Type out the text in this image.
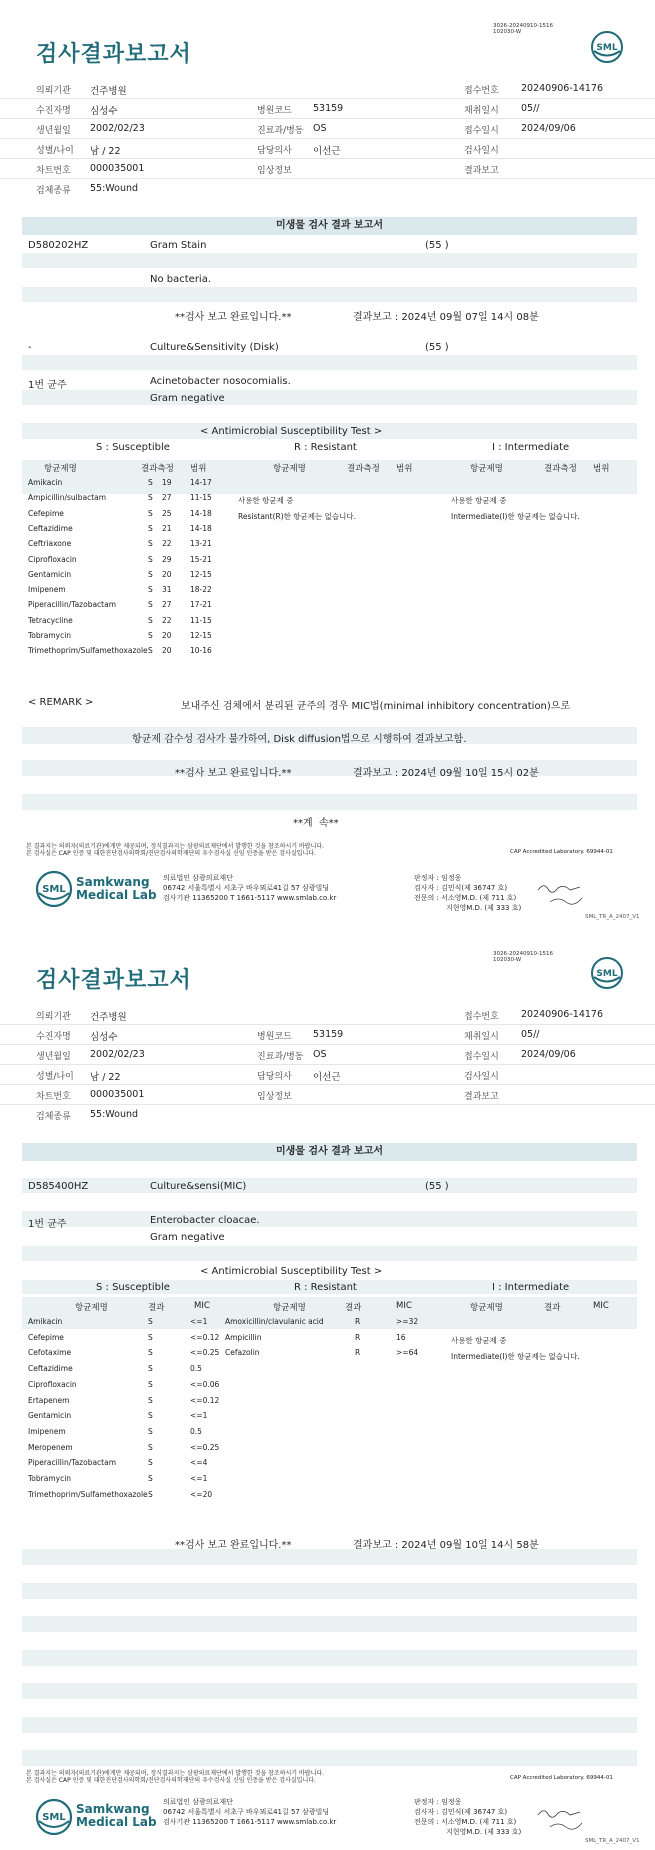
3026-20240910-1516
102030-W
검사결과보고서	SML
의뢰기관 건주병원	접수번호 20240906-14176
수진자명 심성수	병원코드 53159	채취일시 05//
생년월일 2002/02/23	진료과/병동 OS	접수일시 2024/09/06
성별/나이 남 / 22	담당의사 이선근	검사일시
차트번호 000035001	임상정보	결과보고
검체종류 55:Wound
미생물 검사 결과 보고서
D580202HZ	Gram Stain	(55 )
No bacteria.
**검사 보고 완료입니다.**	결과보고 : 2024년 09월 07일 14시 08분
-	Culture&Sensitivity (Disk)	(55 )
1번 균주	Acinetobacter nosocomialis.
Gram negative
< Antimicrobial Susceptibility Test >
S : Susceptible	R : Resistant	I : Intermediate
항균제명	결과측정 범위	항균제명	결과측정 범위	항균제명	결과측정 범위
Amikacin	S 19 14-17
Ampicillin/sulbactam	S 27 11-15
Cefepime	S 25 14-18
Ceftazidime	S 21 14-18
Ceftriaxone	S 22 13-21
Ciprofloxacin	S 29 15-21
Gentamicin	S 20 12-15
Imipenem	S 31 18-22
Piperacillin/Tazobactam	S 27 17-21
Tetracycline	S 22 11-15
Tobramycin	S 20 12-15
Trimethoprim/Sulfamethoxazole S 20 10-16
사용한 항균제 중
Resistant(R)한 항균제는 없습니다.
사용한 항균제 중
Intermediate(I)한 항균제는 없습니다.
< REMARK >	보내주신 검체에서 분리된 균주의 경우 MIC법(minimal inhibitory concentration)으로
항균제 감수성 검사가 불가하여, Disk diffusion법으로 시행하여 결과보고함.
**검사 보고 완료입니다.**	결과보고 : 2024년 09월 10일 15시 02분
**계  속**
본 결과지는 의뢰자(의료기관)에게만 제공되며, 정식결과지는 삼광의료재단에서 발행한 것을 참조하시기 바랍니다.
본 검사실은 CAP 인증 및 대한진단검사의학회/진단검사의학재단의 우수검사실 신임 인증을 받은 검사실입니다.	CAP Accredited Laboratory. 69944-01
SML
Samkwang
Medical Lab
의료법인 삼광의료재단
06742 서울특별시 서초구 바우뫼로41길 57 삼광빌딩
검사기관 11365200 T 1661-5117 www.smlab.co.kr
판정자 : 임정웅
검사자 : 김민식(제 36747 호)
전문의 : 서소영M.D. (제 711 호)
지현영M.D. (제 333 호)
SML_TR_A_2407_V1
3026-20240910-1516
102030-W
검사결과보고서	SML
의뢰기관 건주병원	접수번호 20240906-14176
수진자명 심성수	병원코드 53159	채취일시 05//
생년월일 2002/02/23	진료과/병동 OS	접수일시 2024/09/06
성별/나이 남 / 22	담당의사 이선근	검사일시
차트번호 000035001	임상정보	결과보고
검체종류 55:Wound
미생물 검사 결과 보고서
D585400HZ	Culture&sensi(MIC)	(55 )
1번 균주	Enterobacter cloacae.
Gram negative
< Antimicrobial Susceptibility Test >
S : Susceptible	R : Resistant	I : Intermediate
항균제명	결과	MIC	항균제명	결과	MIC	항균제명	결과	MIC
Amikacin	S	<=1
Cefepime	S	<=0.12
Cefotaxime	S	<=0.25
Ceftazidime	S	0.5
Ciprofloxacin	S	<=0.06
Ertapenem	S	<=0.12
Gentamicin	S	<=1
Imipenem	S	0.5
Meropenem	S	<=0.25
Piperacillin/Tazobactam	S	<=4
Tobramycin	S	<=1
Trimethoprim/Sulfamethoxazole S	<=20
Amoxicillin/clavulanic acid	R	>=32
Ampicillin	R	16
Cefazolin	R	>=64
사용한 항균제 중
Intermediate(I)한 항균제는 없습니다.
**검사 보고 완료입니다.**	결과보고 : 2024년 09월 10일 14시 58분
본 결과지는 의뢰자(의료기관)에게만 제공되며, 정식결과지는 삼광의료재단에서 발행한 것을 참조하시기 바랍니다.
본 검사실은 CAP 인증 및 대한진단검사의학회/진단검사의학재단의 우수검사실 신임 인증을 받은 검사실입니다.	CAP Accredited Laboratory. 69944-01
SML
Samkwang
Medical Lab
의료법인 삼광의료재단
06742 서울특별시 서초구 바우뫼로41길 57 삼광빌딩
검사기관 11365200 T 1661-5117 www.smlab.co.kr
판정자 : 임정웅
검사자 : 김민식(제 36747 호)
전문의 : 서소영M.D. (제 711 호)
지현영M.D. (제 333 호)
SML_TR_A_2407_V1
